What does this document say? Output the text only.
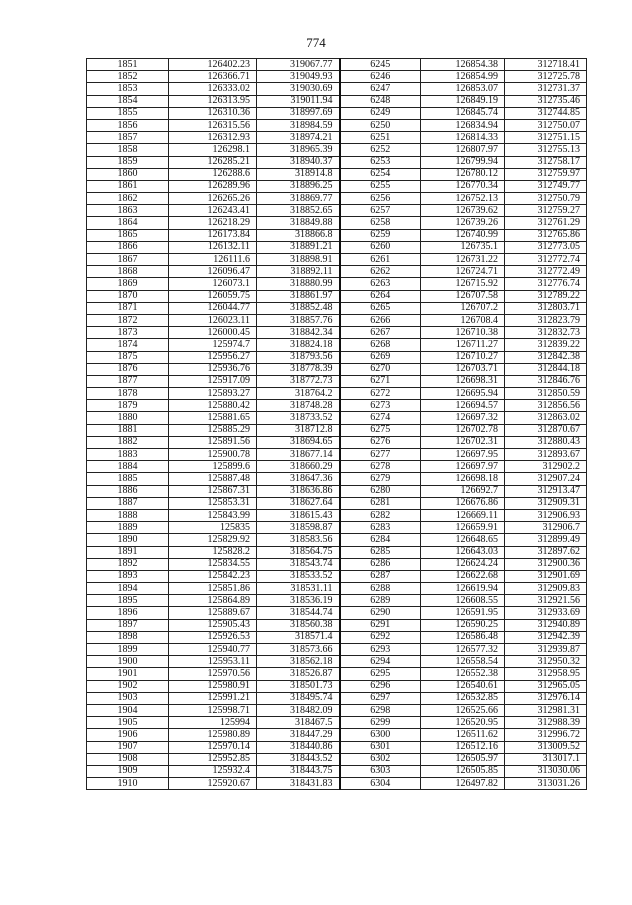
774
1851	126402.23	319067.77	6245	126854.38	312718.41
1852	126366.71	319049.93	6246	126854.99	312725.78
1853	126333.02	319030.69	6247	126853.07	312731.37
1854	126313.95	319011.94	6248	126849.19	312735.46
1855	126310.36	318997.69	6249	126845.74	312744.85
1856	126315.56	318984.59	6250	126834.94	312750.07
1857	126312.93	318974.21	6251	126814.33	312751.15
1858	126298.1	318965.39	6252	126807.97	312755.13
1859	126285.21	318940.37	6253	126799.94	312758.17
1860	126288.6	318914.8	6254	126780.12	312759.97
1861	126289.96	318896.25	6255	126770.34	312749.77
1862	126265.26	318869.77	6256	126752.13	312750.79
1863	126243.41	318852.65	6257	126739.62	312759.27
1864	126218.29	318849.88	6258	126739.26	312761.29
1865	126173.84	318866.8	6259	126740.99	312765.86
1866	126132.11	318891.21	6260	126735.1	312773.05
1867	126111.6	318898.91	6261	126731.22	312772.74
1868	126096.47	318892.11	6262	126724.71	312772.49
1869	126073.1	318880.99	6263	126715.92	312776.74
1870	126059.75	318861.97	6264	126707.58	312789.22
1871	126044.77	318852.48	6265	126707.2	312803.71
1872	126023.11	318857.76	6266	126708.4	312823.79
1873	126000.45	318842.34	6267	126710.38	312832.73
1874	125974.7	318824.18	6268	126711.27	312839.22
1875	125956.27	318793.56	6269	126710.27	312842.38
1876	125936.76	318778.39	6270	126703.71	312844.18
1877	125917.09	318772.73	6271	126698.31	312846.76
1878	125893.27	318764.2	6272	126695.94	312850.59
1879	125880.42	318748.28	6273	126694.57	312856.56
1880	125881.65	318733.52	6274	126697.32	312863.02
1881	125885.29	318712.8	6275	126702.78	312870.67
1882	125891.56	318694.65	6276	126702.31	312880.43
1883	125900.78	318677.14	6277	126697.95	312893.67
1884	125899.6	318660.29	6278	126697.97	312902.2
1885	125887.48	318647.36	6279	126698.18	312907.24
1886	125867.31	318636.86	6280	126692.7	312913.47
1887	125853.31	318627.64	6281	126676.86	312909.31
1888	125843.99	318615.43	6282	126669.11	312906.93
1889	125835	318598.87	6283	126659.91	312906.7
1890	125829.92	318583.56	6284	126648.65	312899.49
1891	125828.2	318564.75	6285	126643.03	312897.62
1892	125834.55	318543.74	6286	126624.24	312900.36
1893	125842.23	318533.52	6287	126622.68	312901.69
1894	125851.86	318531.11	6288	126619.94	312909.83
1895	125864.89	318536.19	6289	126608.55	312921.56
1896	125889.67	318544.74	6290	126591.95	312933.69
1897	125905.43	318560.38	6291	126590.25	312940.89
1898	125926.53	318571.4	6292	126586.48	312942.39
1899	125940.77	318573.66	6293	126577.32	312939.87
1900	125953.11	318562.18	6294	126558.54	312950.32
1901	125970.56	318526.87	6295	126552.38	312958.95
1902	125980.91	318501.73	6296	126540.61	312965.05
1903	125991.21	318495.74	6297	126532.85	312976.14
1904	125998.71	318482.09	6298	126525.66	312981.31
1905	125994	318467.5	6299	126520.95	312988.39
1906	125980.89	318447.29	6300	126511.62	312996.72
1907	125970.14	318440.86	6301	126512.16	313009.52
1908	125952.85	318443.52	6302	126505.97	313017.1
1909	125932.4	318443.75	6303	126505.85	313030.06
1910	125920.67	318431.83	6304	126497.82	313031.26
